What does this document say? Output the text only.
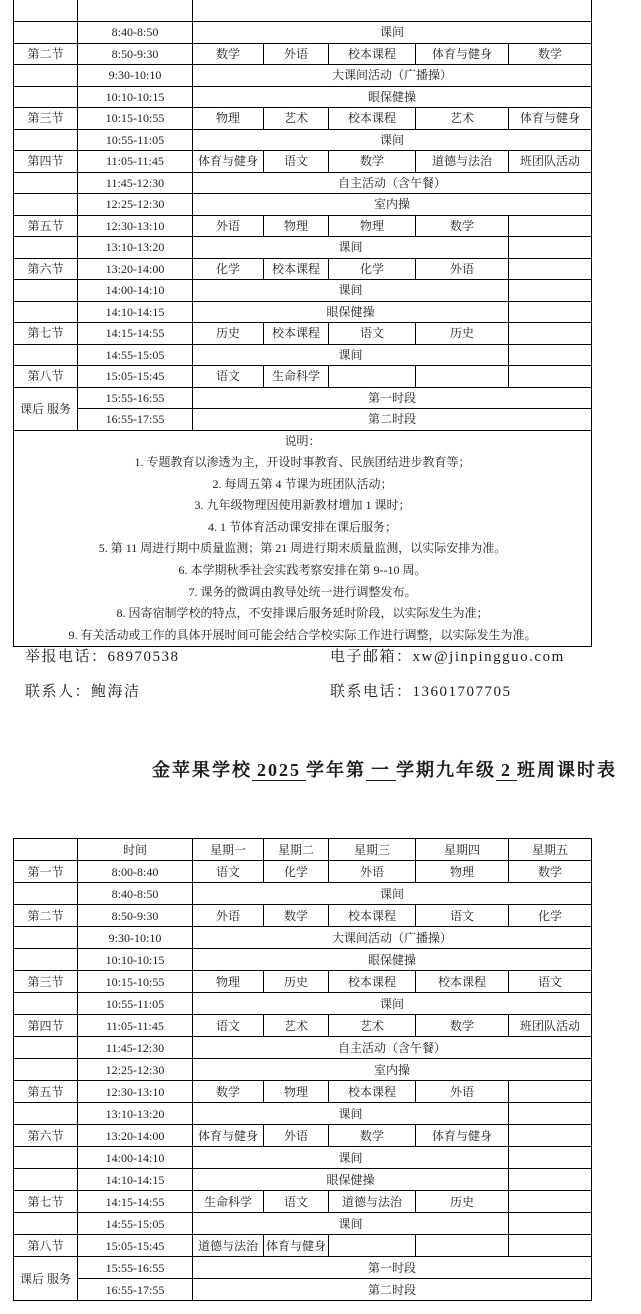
	8:40-8:50	课间				
第二节	8:50-9:30	数学	外语	校本课程	体育与健身	数学
	9:30-10:10	大课间活动（广播操）				
	10:10-10:15	眼保健操				
第三节	10:15-10:55	物理	艺术	校本课程	艺术	体育与健身
	10:55-11:05	课间				
第四节	11:05-11:45	体育与健身	语文	数学	道德与法治	班团队活动
	11:45-12:30	自主活动（含午餐）				
	12:25-12:30	室内操				
第五节	12:30-13:10	外语	物理	物理	数学	
	13:10-13:20	课间				
第六节	13:20-14:00	化学	校本课程	化学	外语	
	14:00-14:10	课间				
	14:10-14:15	眼保健操				
第七节	14:15-14:55	历史	校本课程	语文	历史	
	14:55-15:05	课间				
第八节	15:05-15:45	语文	生命科学			
课后 服务	15:55-16:55	第一时段				
	16:55-17:55	第二时段				

说明：
1. 专题教育以渗透为主，开设时事教育、民族团结进步教育等；
2. 每周五第 4 节课为班团队活动；
3. 九年级物理因使用新教材增加 1 课时；
4. 1 节体育活动课安排在课后服务；
5. 第 11 周进行期中质量监测；第 21 周进行期末质量监测，以实际安排为准。
6. 本学期秋季社会实践考察安排在第 9--10 周。
7. 课务的微调由教导处统一进行调整发布。
8. 因寄宿制学校的特点，不安排课后服务延时阶段，以实际发生为准；
9. 有关活动或工作的具体开展时间可能会结合学校实际工作进行调整，以实际发生为准。
举报电话：68970538	电子邮箱：xw@jinpingguo.com
联系人：鲍海洁	联系电话：13601707705
金苹果学校 2025 学年第 一 学期九年级 2 班周课时表
	时间	星期一	星期二	星期三	星期四	星期五
第一节	8:00-8:40	语文	化学	外语	物理	数学
	8:40-8:50	课间				
第二节	8:50-9:30	外语	数学	校本课程	语文	化学
	9:30-10:10	大课间活动（广播操）				
	10:10-10:15	眼保健操				
第三节	10:15-10:55	物理	历史	校本课程	校本课程	语文
	10:55-11:05	课间				
第四节	11:05-11:45	语文	艺术	艺术	数学	班团队活动
	11:45-12:30	自主活动（含午餐）				
	12:25-12:30	室内操				
第五节	12:30-13:10	数学	物理	校本课程	外语	
	13:10-13:20	课间				
第六节	13:20-14:00	体育与健身	外语	数学	体育与健身	
	14:00-14:10	课间				
	14:10-14:15	眼保健操				
第七节	14:15-14:55	生命科学	语文	道德与法治	历史	
	14:55-15:05	课间				
第八节	15:05-15:45	道德与法治	体育与健身			
课后 服务	15:55-16:55	第一时段				
	16:55-17:55	第二时段				
